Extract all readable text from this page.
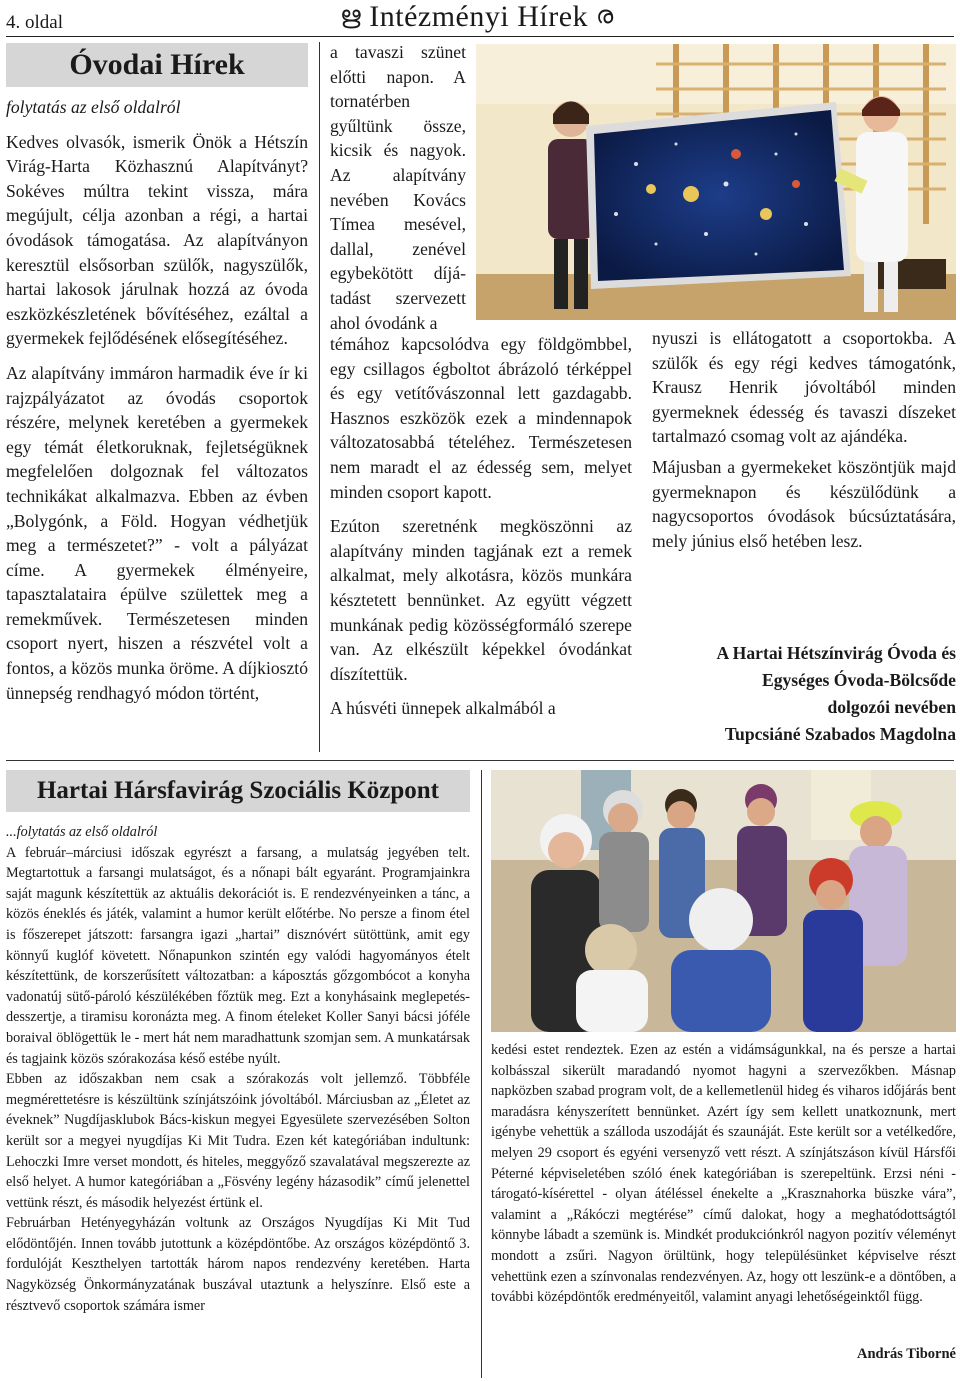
4. oldal	ഋ Intézményi Hírek ര
Óvodai Hírek

folytatás az első oldalról

Kedves olvasók, ismerik Önök a Hétszín Virág-Harta Közhasznú Alapítványt? Sokéves múltra tekint vissza, mára megújult, célja azonban a régi, a hartai óvodások támogatása. Az alapítványon keresztül elsősorban szülők, nagyszülők, hartai lakosok járulnak hozzá az óvoda eszközkészletének bővítéséhez, ezáltal a gyermekek fejlődésének elősegítéséhez.

Az alapítvány immáron harmadik éve ír ki rajzpályázatot az óvodás csoportok részére, melynek keretében a gyermekek egy témát életkoruknak, fejletségüknek megfelelően dolgoznak fel változatos technikákat alkalmazva. Ebben az évben „Bolygónk, a Föld. Hogyan védhetjük meg a természetet?” - volt a pályázat címe. A gyermekek élményeire, tapasztalataira épülve születtek meg a remekművek. Természetesen minden csoport nyert, hiszen a részvétel volt a fontos, a közös munka öröme. A díjkiosztó ünnepség rendhagyó módon történt,

a tavaszi szünet előtti napon. A tornatérben gyűltünk össze, kicsik és nagyok. Az alapítvány nevében Kovács Tímea mesével, dallal, zenével egybekötött díjátadást szervezett ahol óvodánk a

témához kapcsolódva egy földgömbbel, egy csillagos égboltot ábrázoló térképpel és egy vetítővászonnal lett gazdagabb. Hasznos eszközök ezek a mindennapok változatosabbá tételéhez. Természetesen nem maradt el az édesség sem, melyet minden csoport kapott.

Ezúton szeretnénk megköszönni az alapítvány minden tagjának ezt a remek alkalmat, mely alkotásra, közös munkára késztetett bennünket. Az együtt végzett munkának pedig közösségformáló szerepe van. Az elkészült képekkel óvodánkat díszítettük.

A húsvéti ünnepek alkalmából a

nyuszi is ellátogatott a csoportokba. A szülők és egy régi kedves támogatónk, Krausz Henrik jóvoltából minden gyermeknek édesség és tavaszi díszeket tartalmazó csomag volt az ajándéka.

Májusban a gyermekeket köszöntjük majd gyermeknapon és készülődünk a nagycsoportos óvodások búcsúztatására, mely június első hetében lesz.

A Hartai Hétszínvirág Óvoda és
Egységes Óvoda-Bölcsőde
dolgozói nevében
Tupcsiáné Szabados Magdolna
Hartai Hársfavirág Szociális Központ

...folytatás az első oldalról

A február–márciusi időszak egyrészt a farsang, a mulatság jegyében telt. Megtartottuk a farsangi mulatságot, és a nőnapi bált egyaránt. Programjainkra saját magunk készítettük az aktuális dekorációt is. E rendezvényeinken a tánc, a közös éneklés és játék, valamint a humor került előtérbe. No persze a finom étel is főszerepet játszott: farsangra igazi „hartai” disznóvért sütöttünk, amit egy könnyű kuglóf követett. Nőnapunkon szintén egy valódi hagyományos ételt készítettünk, de korszerűsített változatban: a káposztás gőzgombócot a konyha vadonatúj sütő-pároló készülékében főztük meg. Ezt a konyhásaink meglepetés-desszertje, a tiramisu koronázta meg. A finom ételeket Koller Sanyi bácsi jóféle boraival öblögettük le - mert hát nem maradhattunk szomjan sem. A munkatársak és tagjaink közös szórakozása késő estébe nyúlt.

Ebben az időszakban nem csak a szórakozás volt jellemző. Többféle megmérettetésre is készültünk színjátszóink jóvoltából. Márciusban az „Életet az éveknek” Nugdíjasklubok Bács-kiskun megyei Egyesülete szervezésében Solton került sor a megyei nyugdíjas Ki Mit Tudra. Ezen két kategóriában indultunk: Lehoczki Imre verset mondott, és hiteles, meggyőző szavalatával megszerezte az első helyet. A humor kategóriában a „Fösvény legény házasodik” című jelenettel vettünk részt, és második helyezést értünk el.

Februárban Hetényegyházán voltunk az Országos Nyugdíjas Ki Mit Tud elődöntőjén. Innen tovább jutottunk a középdöntőbe. Az országos középdöntő 3. fordulóját Keszthelyen tartották három napos rendezvény keretében. Harta Nagyközség Önkormányzatának buszával utaztunk a helyszínre. Első este a résztvevő csoportok számára ismer

kedési estet rendeztek. Ezen az estén a vidámságunkkal, na és persze a hartai kolbásszal sikerült maradandó nyomot hagyni a szervezőkben. Másnap napközben szabad program volt, de a kellemetlenül hideg és viharos időjárás bent maradásra kényszerített bennünket. Azért így sem kellett unatkoznunk, mert igénybe vehettük a szálloda uszodáját és szaunáját. Este került sor a vetélkedőre, melyen 29 csoport és egyéni versenyző vett részt. A színjátszáson kívül Hársfői Péterné képviseletében szóló ének kategóriában is szerepeltünk. Erzsi néni - tárogató-kísérettel - olyan átéléssel énekelte a „Krasznahorka büszke vára”, valamint a „Rákóczi megtérése” című dalokat, hogy a meghatódottságtól könnybe lábadt a szemünk is. Mindkét produkciónkról nagyon pozitív véleményt mondott a zsűri. Nagyon örültünk, hogy településünket képviselve részt vehettünk ezen a színvonalas rendezvényen. Az, hogy ott leszünk-e a döntőben, a további középdöntők eredményeitől, valamint anyagi lehetőségeinktől függ.

András Tiborné
